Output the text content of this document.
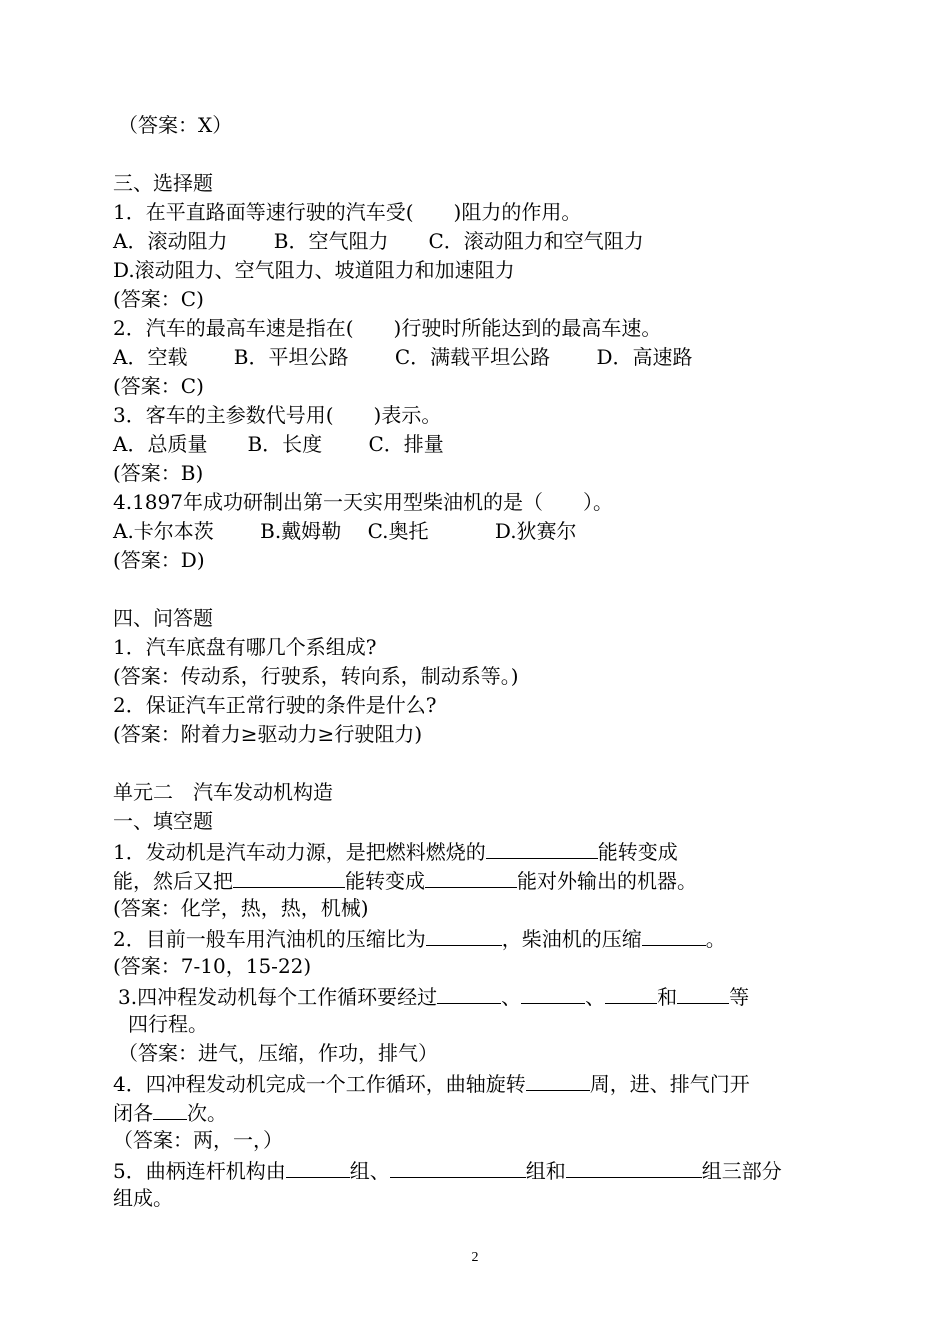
（答案：X）
三、选择题
1．在平直路面等速行驶的汽车受(　　)阻力的作用。
A．滚动阻力　　 B．空气阻力　　C．滚动阻力和空气阻力
D.滚动阻力、空气阻力、坡道阻力和加速阻力
(答案：C)
2．汽车的最高车速是指在(　　)行驶时所能达到的最高车速。
A．空载　　 B．平坦公路　　 C．满载平坦公路　　 D．高速路
(答案：C)
3．客车的主参数代号用(　　)表示。
A．总质量　　B．长度　　 C．排量
(答案：B)
4.1897年成功研制出第一天实用型柴油机的是（　　）。
A.卡尔本茨　　 B.戴姆勒　 C.奥托　　　 D.狄赛尔
(答案：D)
四、问答题
1．汽车底盘有哪几个系组成?
(答案：传动系，行驶系，转向系，制动系等。)
2．保证汽车正常行驶的条件是什么?
(答案：附着力≥驱动力≥行驶阻力)
单元二　汽车发动机构造
一、填空题
1．发动机是汽车动力源，是把燃料燃烧的	能转变成
能，然后又把	能转变成	能对外输出的机器。
(答案：化学，热，热，机械)
2．目前一般车用汽油机的压缩比为	，柴油机的压缩	。
(答案：7-10，15-22)
3.四冲程发动机每个工作循环要经过	、	、	和	等
四行程。
（答案：进气，压缩，作功，排气）
4．四冲程发动机完成一个工作循环，曲轴旋转	周，进、排气门开
闭各 次。
（答案：两，一，）
5．曲柄连杆机构由	组、	组和	组三部分
组成。
2
